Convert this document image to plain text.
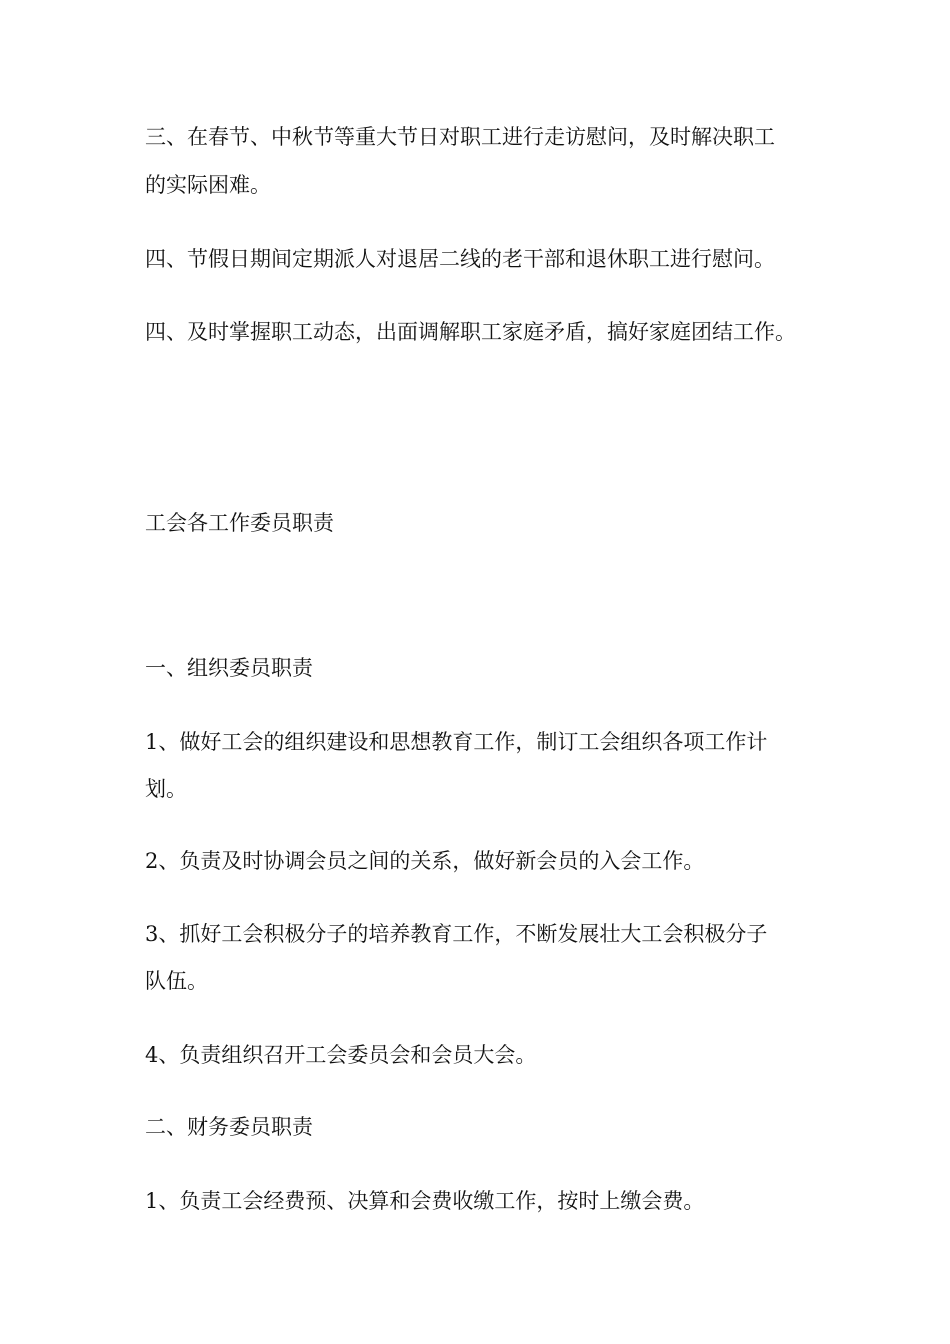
三、在春节、中秋节等重大节日对职工进行走访慰问，及时解决职工
的实际困难。
四、节假日期间定期派人对退居二线的老干部和退休职工进行慰问。
四、及时掌握职工动态，出面调解职工家庭矛盾，搞好家庭团结工作。
工会各工作委员职责
一、组织委员职责
1、做好工会的组织建设和思想教育工作，制订工会组织各项工作计
划。
2、负责及时协调会员之间的关系，做好新会员的入会工作。
3、抓好工会积极分子的培养教育工作，不断发展壮大工会积极分子
队伍。
4、负责组织召开工会委员会和会员大会。
二、财务委员职责
1、负责工会经费预、决算和会费收缴工作，按时上缴会费。
